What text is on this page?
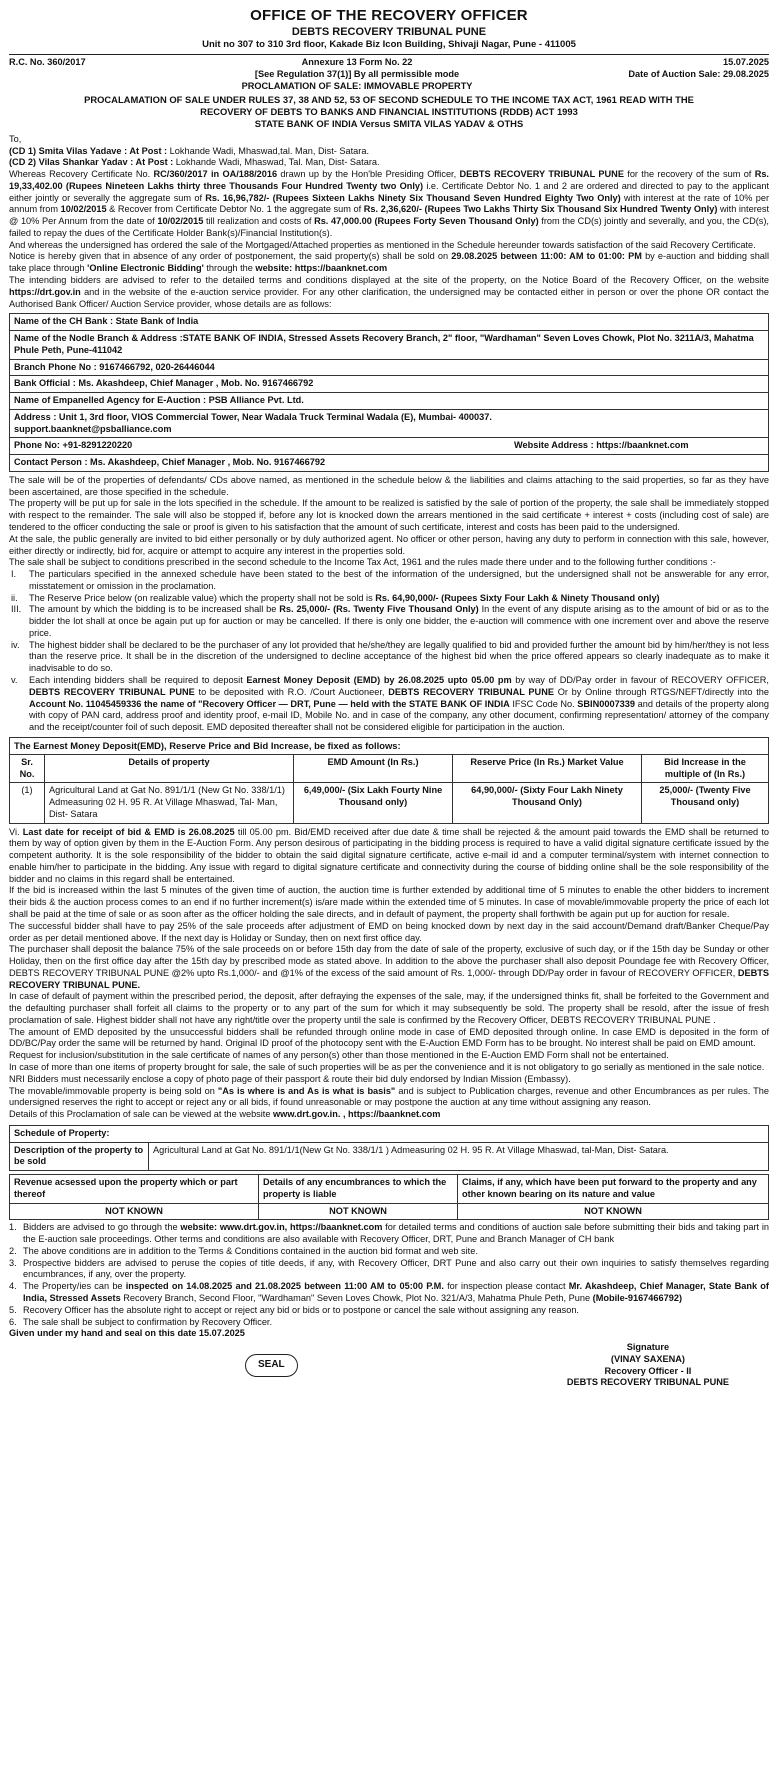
OFFICE OF THE RECOVERY OFFICER
DEBTS RECOVERY TRIBUNAL PUNE
Unit no 307 to 310 3rd floor, Kakade Biz Icon Building, Shivaji Nagar, Pune - 411005
R.C. No. 360/2017	Annexure 13 Form No. 22
[See Regulation 37(1)] By all permissible mode
PROCLAMATION OF SALE: IMMOVABLE PROPERTY
15.07.2025
Date of Auction Sale: 29.08.2025
PROCALAMATION OF SALE UNDER RULES 37, 38 AND 52, 53 OF SECOND SCHEDULE TO THE INCOME TAX ACT, 1961 READ WITH THE
RECOVERY OF DEBTS TO BANKS AND FINANCIAL INSTITUTIONS (RDDB) ACT 1993
STATE BANK OF INDIA Versus SMITA VILAS YADAV & OTHS

To,

(CD 1) Smita Vilas Yadave : At Post : Lokhande Wadi, Mhaswad,tal. Man, Dist- Satara.

(CD 2) Vilas Shankar Yadav : At Post : Lokhande Wadi, Mhaswad, Tal. Man, Dist- Satara.

Whereas Recovery Certificate No. RC/360/2017 in OA/188/2016 drawn up by the Hon'ble Presiding Officer, DEBTS RECOVERY TRIBUNAL PUNE for the recovery of the sum of Rs. 19,33,402.00 (Rupees Nineteen Lakhs thirty three Thousands Four Hundred Twenty two Only) i.e. Certificate Debtor No. 1 and 2 are ordered and directed to pay to the applicant either jointly or severally the aggregate sum of Rs. 16,96,782/- (Rupees Sixteen Lakhs Ninety Six Thousand Seven Hundred Eighty Two Only) with interest at the rate of 10% per annum from 10/02/2015 & Recover from Certificate Debtor No. 1 the aggregate sum of Rs. 2,36,620/- (Rupees Two Lakhs Thirty Six Thousand Six Hundred Twenty Only) with interest @ 10% Per Annum from the date of 10/02/2015 till realization and costs of Rs. 47,000.00 (Rupees Forty Seven Thousand Only) from the CD(s) jointly and severally, and you, the CD(s), failed to repay the dues of the Certificate Holder Bank(s)/Financial Institution(s).

And whereas the undersigned has ordered the sale of the Mortgaged/Attached properties as mentioned in the Schedule hereunder towards satisfaction of the said Recovery Certificate.

Notice is hereby given that in absence of any order of postponement, the said property(s) shall be sold on 29.08.2025 between 11:00: AM to 01:00: PM by e-auction and bidding shall take place through 'Online Electronic Bidding' through the website: https://baanknet.com

The intending bidders are advised to refer to the detailed terms and conditions displayed at the site of the property, on the Notice Board of the Recovery Officer, on the website https://drt.gov.in and in the website of the e-auction service provider. For any other clarification, the undersigned may be contacted either in person or over the phone OR contact the Authorised Bank Officer/ Auction Service provider, whose details are as follows:

Name of the CH Bank : State Bank of India
Name of the Nodle Branch & Address :STATE BANK OF INDIA, Stressed Assets Recovery Branch, 2" floor, "Wardhaman" Seven Loves Chowk, Plot No. 3211A/3, Mahatma Phule Peth, Pune-411042
Branch Phone No : 9167466792, 020-26446044
Bank Official : Ms. Akashdeep, Chief Manager , Mob. No. 9167466792
Name of Empanelled Agency for E-Auction : PSB Alliance Pvt. Ltd.

Address : Unit 1, 3rd floor, VIOS Commercial Tower, Near Wadala Truck Terminal Wadala (E), Mumbai- 400037.
support.baanknet@psballiance.com

Phone No: +91-8291220220	Website Address : https://baanknet.com
Contact Person : Ms. Akashdeep, Chief Manager , Mob. No. 9167466792

The sale will be of the properties of defendants/ CDs above named, as mentioned in the schedule below & the liabilities and claims attaching to the said properties, so far as they have been ascertained, are those specified in the schedule.

The property will be put up for sale in the lots specified in the schedule. If the amount to be realized is satisfied by the sale of portion of the property, the sale shall be immediately stopped with respect to the remainder. The sale will also be stopped if, before any lot is knocked down the arrears mentioned in the said certificate + interest + costs (including cost of sale) are tendered to the officer conducting the sale or proof is given to his satisfaction that the amount of such certificate, interest and costs has been paid to the undersigned.

At the sale, the public generally are invited to bid either personally or by duly authorized agent. No officer or other person, having any duty to perform in connection with this sale, however, either directly or indirectly, bid for, acquire or attempt to acquire any interest in the properties sold.

The sale shall be subject to conditions prescribed in the second schedule to the Income Tax Act, 1961 and the rules made there under and to the following further conditions :-

I.	The particulars specified in the annexed schedule have been stated to the best of the information of the undersigned, but the undersigned shall not be answerable for any error, misstatement or omission in the proclamation.
ii.	The Reserve Price below (on realizable value) which the property shall not be sold is Rs. 64,90,000/- (Rupees Sixty Four Lakh & Ninety Thousand only)
III. The amount by which the bidding is to be increased shall be Rs. 25,000/- (Rs. Twenty Five Thousand Only) In the event of any dispute arising as to the amount of bid or as to the bidder the lot shall at once be again put up for auction or may be cancelled. If there is only one bidder, the e-auction will commence with one increment over and above the reserve price.
iv.	The highest bidder shall be declared to be the purchaser of any lot provided that he/she/they are legally qualified to bid and provided further the amount bid by him/her/they is not less than the reserve price. It shall be in the discretion of the undersigned to decline acceptance of the highest bid when the price offered appears so clearly inadequate as to make it inadvisable to do so.
v.	Each intending bidders shall be required to deposit Earnest Money Deposit (EMD) by 26.08.2025 upto 05.00 pm by way of DD/Pay order in favour of RECOVERY OFFICER, DEBTS RECOVERY TRIBUNAL PUNE to be deposited with R.O. /Court Auctioneer, DEBTS RECOVERY TRIBUNAL PUNE Or by Online through RTGS/NEFT/directly into the Account No. 11045459336 the name of "Recovery Officer — DRT, Pune — held with the STATE BANK OF INDIA IFSC Code No. SBIN0007339 and details of the property along with copy of PAN card, address proof and identity proof, e-mail ID, Mobile No. and in case of the company, any other document, confirming representation/ attorney of the company and the receipt/counter foil of such deposit. EMD deposited thereafter shall not be considered eligible for participation in the auction.
The Earnest Money Deposit(EMD), Reserve Price and Bid Increase, be fixed as follows:
Sr. No.	Details of property	EMD Amount (In Rs.)	Reserve Price (In Rs.) Market Value	Bid Increase in the multiple of (In Rs.)
(1)	Agricultural Land at Gat No. 891/1/1 (New Gt No. 338/1/1) Admeasuring 02 H. 95 R. At Village Mhaswad, Tal- Man, Dist- Satara	6,49,000/- (Six Lakh Fourty Nine Thousand only)	64,90,000/- (Sixty Four Lakh Ninety Thousand Only)	25,000/- (Twenty Five Thousand only)

Vi. Last date for receipt of bid & EMD is 26.08.2025 till 05.00 pm. Bid/EMD received after due date & time shall be rejected & the amount paid towards the EMD shall be returned to them by way of option given by them in the E-Auction Form. Any person desirous of participating in the bidding process is required to have a valid digital signature certificate issued by the competent authority. It is the sole responsibility of the bidder to obtain the said digital signature certificate, active e-mail id and a computer terminal/system with internet connection to enable him/her to participate in the bidding. Any issue with regard to digital signature certificate and connectivity during the course of bidding online shall be the sole responsibility of the bidder and no claims in this regard shall be entertained.

If the bid is increased within the last 5 minutes of the given time of auction, the auction time is further extended by additional time of 5 minutes to enable the other bidders to increment their bids & the auction process comes to an end if no further increment(s) is/are made within the extended time of 5 minutes. In case of movable/immovable property the price of each lot shall be paid at the time of sale or as soon after as the officer holding the sale directs, and in default of payment, the property shall forthwith be again put up for auction for resale.

The successful bidder shall have to pay 25% of the sale proceeds after adjustment of EMD on being knocked down by next day in the said account/Demand draft/Banker Cheque/Pay order as per detail mentioned above. If the next day is Holiday or Sunday, then on next first office day.

The purchaser shall deposit the balance 75% of the sale proceeds on or before 15th day from the date of sale of the property, exclusive of such day, or if the 15th day be Sunday or other Holiday, then on the first office day after the 15th day by prescribed mode as stated above. In addition to the above the purchaser shall also deposit Poundage fee with Recovery Officer, DEBTS RECOVERY TRIBUNAL PUNE @2% upto Rs.1,000/- and @1% of the excess of the said amount of Rs. 1,000/- through DD/Pay order in favour of RECOVERY OFFICER, DEBTS RECOVERY TRIBUNAL PUNE.

In case of default of payment within the prescribed period, the deposit, after defraying the expenses of the sale, may, if the undersigned thinks fit, shall be forfeited to the Government and the defaulting purchaser shall forfeit all claims to the property or to any part of the sum for which it may subsequently be sold. The property shall be resold, after the issue of fresh proclamation of sale. Highest bidder shall not have any right/title over the property until the sale is confirmed by the Recovery Officer, DEBTS RECOVERY TRIBUNAL PUNE .

The amount of EMD deposited by the unsuccessful bidders shall be refunded through online mode in case of EMD deposited through online. In case EMD is deposited in the form of DD/BC/Pay order the same will be returned by hand. Original ID proof of the photocopy sent with the E-Auction EMD Form has to be brought. No interest shall be paid on EMD amount.

Request for inclusion/substitution in the sale certificate of names of any person(s) other than those mentioned in the E-Auction EMD Form shall not be entertained.

In case of more than one items of property brought for sale, the sale of such properties will be as per the convenience and it is not obligatory to go serially as mentioned in the sale notice.

NRI Bidders must necessarily enclose a copy of photo page of their passport & route their bid duly endorsed by Indian Mission (Embassy).

The movable/immovable property is being sold on "As is where is and As is what is basis" and is subject to Publication charges, revenue and other Encumbrances as per rules. The undersigned reserves the right to accept or reject any or all bids, if found unreasonable or may postpone the auction at any time without assigning any reason.

Details of this Proclamation of sale can be viewed at the website www.drt.gov.in. , https://baanknet.com

Schedule of Property:
Description of the property to be sold	Agricultural Land at Gat No. 891/1/1(New Gt No. 338/1/1 ) Admeasuring 02 H. 95 R. At Village Mhaswad, tal-Man, Dist- Satara.
Revenue acsessed upon the property which or part thereof	Details of any encumbrances to which the property is liable	Claims, if any, which have been put forward to the property and any other known bearing on its nature and value
NOT KNOWN	NOT KNOWN	NOT KNOWN
1. Bidders are advised to go through the website: www.drt.gov.in, https://baanknet.com for detailed terms and conditions of auction sale before submitting their bids and taking part in the E-auction sale proceedings. Other terms and conditions are also available with Recovery Officer, DRT, Pune and Branch Manager of CH bank
2. The above conditions are in addition to the Terms & Conditions contained in the auction bid format and web site.
3. Prospective bidders are advised to peruse the copies of title deeds, if any, with Recovery Officer, DRT Pune and also carry out their own inquiries to satisfy themselves regarding encumbrances, if any, over the property.
4. The Property/ies can be inspected on 14.08.2025 and 21.08.2025 between 11:00 AM to 05:00 P.M. for inspection please contact Mr. Akashdeep, Chief Manager, State Bank of India, Stressed Assets Recovery Branch, Second Floor, "Wardhaman" Seven Loves Chowk, Plot No. 321/A/3, Mahatma Phule Peth, Pune (Mobile-9167466792)
5. Recovery Officer has the absolute right to accept or reject any bid or bids or to postpone or cancel the sale without assigning any reason.
6. The sale shall be subject to confirmation by Recovery Officer.

Given under my hand and seal on this date 15.07.2025

SEAL
Signature
(VINAY SAXENA)
Recovery Officer - II
DEBTS RECOVERY TRIBUNAL PUNE
